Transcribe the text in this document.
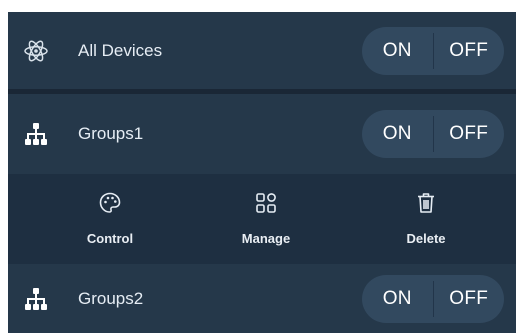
All Devices	ON	OFF
Groups1	ON	OFF
Control	Manage	Delete
Groups2	ON	OFF
